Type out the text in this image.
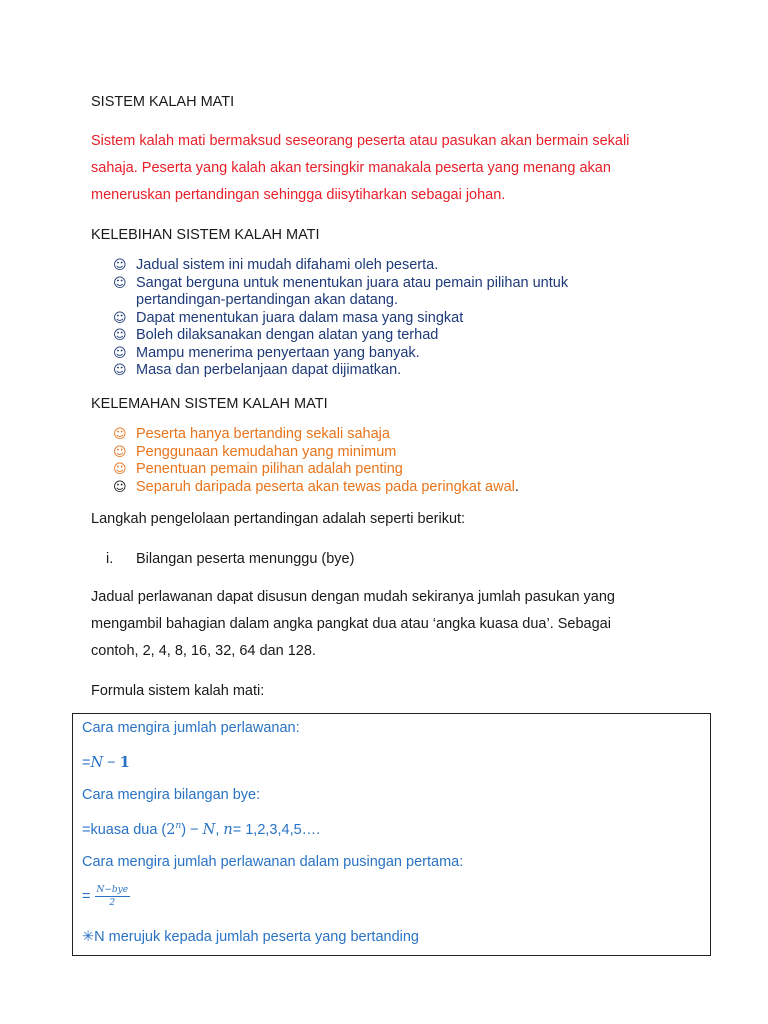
SISTEM KALAH MATI
Sistem kalah mati bermaksud seseorang peserta atau pasukan akan bermain sekali
sahaja. Peserta yang kalah akan tersingkir manakala peserta yang menang akan
meneruskan pertandingan sehingga diisytiharkan sebagai johan.
KELEBIHAN SISTEM KALAH MATI
☺ Jadual sistem ini mudah difahami oleh peserta.
☺ Sangat berguna untuk menentukan juara atau pemain pilihan untuk
pertandingan-pertandingan akan datang.
☺ Dapat menentukan juara dalam masa yang singkat
☺ Boleh dilaksanakan dengan alatan yang terhad
☺ Mampu menerima penyertaan yang banyak.
☺ Masa dan perbelanjaan dapat dijimatkan.
KELEMAHAN SISTEM KALAH MATI
☺ Peserta hanya bertanding sekali sahaja
☺ Penggunaan kemudahan yang minimum
☺ Penentuan pemain pilihan adalah penting
☺ Separuh daripada peserta akan tewas pada peringkat awal.
Langkah pengelolaan pertandingan adalah seperti berikut:
i. Bilangan peserta menunggu (bye)
Jadual perlawanan dapat disusun dengan mudah sekiranya jumlah pasukan yang
mengambil bahagian dalam angka pangkat dua atau ‘angka kuasa dua’. Sebagai
contoh, 2, 4, 8, 16, 32, 64 dan 128.
Formula sistem kalah mati:
Cara mengira jumlah perlawanan:
=N − 1
Cara mengira bilangan bye:
=kuasa dua $(2^n) - N$, n= 1,2,3,4,5….
Cara mengira jumlah perlawanan dalam pusingan pertama:
= $\frac{\text{N−bye}}{2}$
✳N merujuk kepada jumlah peserta yang bertanding
